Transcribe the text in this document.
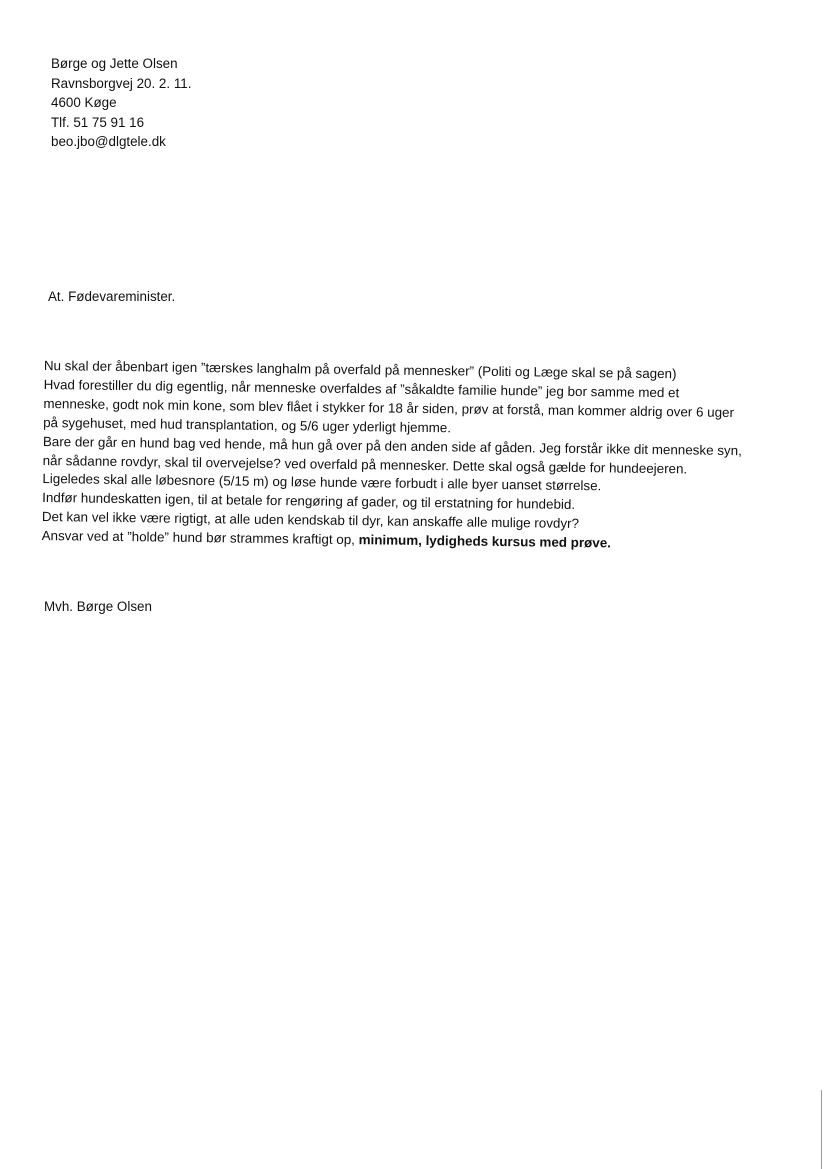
Børge og Jette Olsen
Ravnsborgvej 20. 2. 11.
4600 Køge
Tlf. 51 75 91 16
beo.jbo@dlgtele.dk
At. Fødevareminister.

Nu skal der åbenbart igen ”tærskes langhalm på overfald på mennesker” (Politi og Læge skal se på sagen)

Hvad forestiller du dig egentlig, når menneske overfaldes af ”såkaldte familie hunde” jeg bor samme med et menneske, godt nok min kone, som blev flået i stykker for 18 år siden, prøv at forstå, man kommer aldrig over 6 uger på sygehuset, med hud transplantation, og 5/6 uger yderligt hjemme.

Bare der går en hund bag ved hende, må hun gå over på den anden side af gåden. Jeg forstår ikke dit menneske syn, når sådanne rovdyr, skal til overvejelse? ved overfald på mennesker. Dette skal også gælde for hundeejeren.

Ligeledes skal alle løbesnore (5/15 m) og løse hunde være forbudt i alle byer uanset størrelse.

Indfør hundeskatten igen, til at betale for rengøring af gader, og til erstatning for hundebid.

Det kan vel ikke være rigtigt, at alle uden kendskab til dyr, kan anskaffe alle mulige rovdyr?

Ansvar ved at ”holde” hund bør strammes kraftigt op, minimum, lydigheds kursus med prøve.

Mvh. Børge Olsen
